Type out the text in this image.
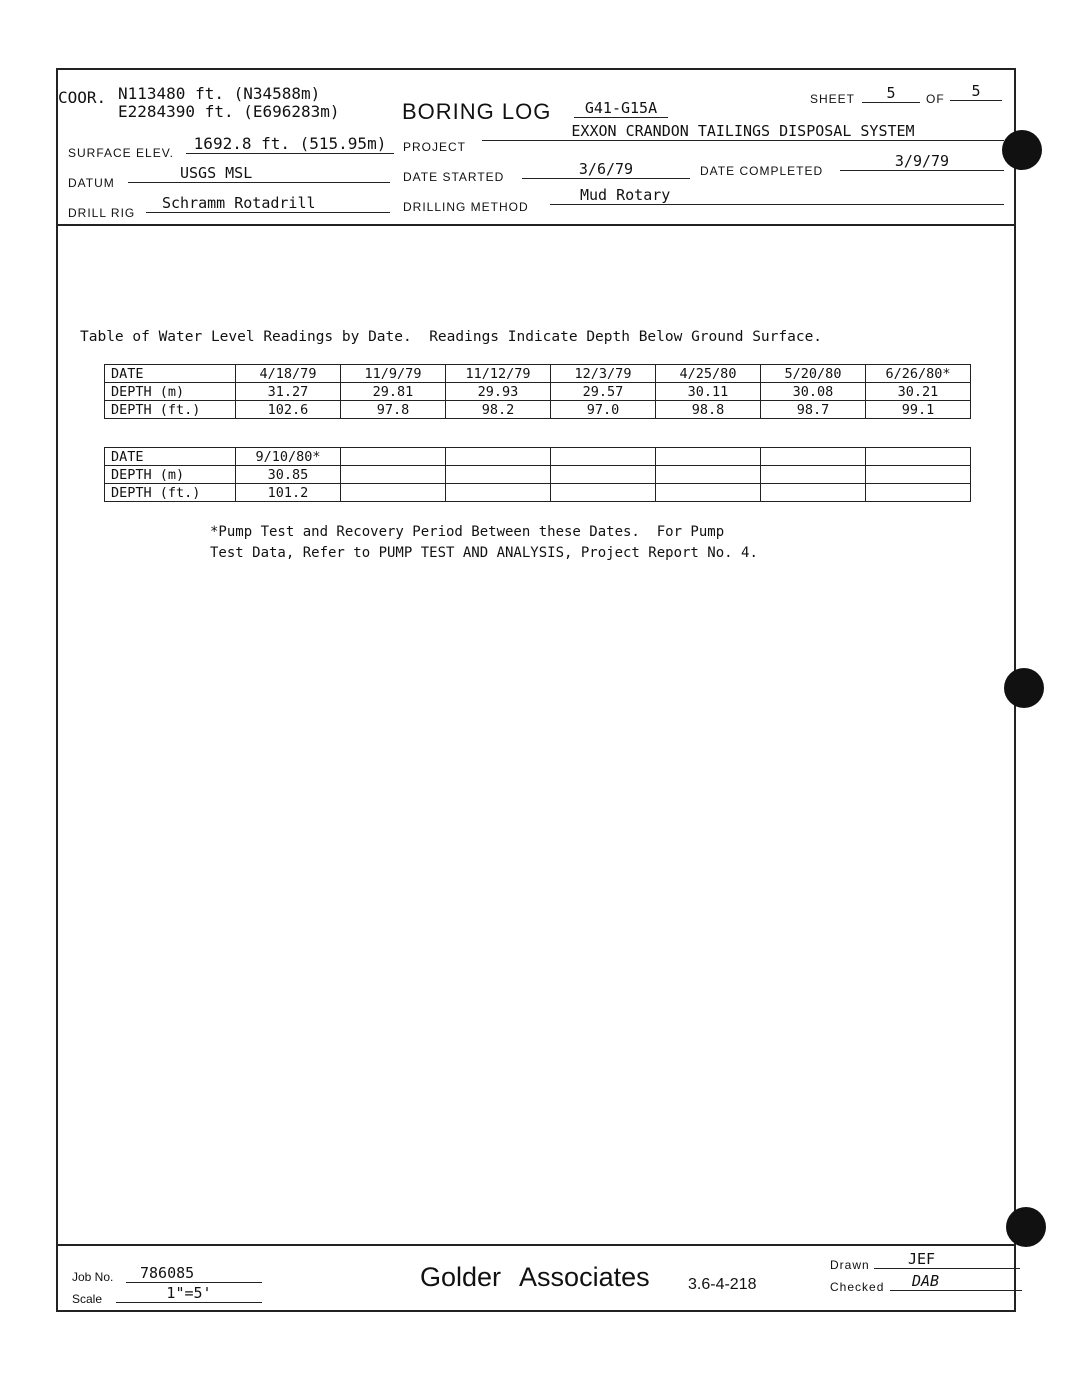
COOR. N113480 ft. (N34588m)
E2284390 ft. (E696283m)	BORING LOG	G41-G15A	SHEET	5	OF	5
SURFACE ELEV.	1692.8 ft. (515.95m)	PROJECT
EXXON CRANDON TAILINGS DISPOSAL SYSTEM
DATUM
USGS MSL	DATE STARTED	3/6/79	DATE COMPLETED
3/9/79
DRILL RIG
Schramm Rotadrill	DRILLING METHOD
Mud Rotary
Table of Water Level Readings by Date.  Readings Indicate Depth Below Ground Surface.
DATE	4/18/79	11/9/79	11/12/79	12/3/79	4/25/80	5/20/80	6/26/80*
DEPTH (m)	31.27	29.81	29.93	29.57	30.11	30.08	30.21
DEPTH (ft.)	102.6	97.8	98.2	97.0	98.8	98.7	99.1
DATE	9/10/80*						
DEPTH (m)	30.85						
DEPTH (ft.)	101.2						
*Pump Test and Recovery Period Between these Dates.  For Pump
Test Data, Refer to PUMP TEST AND ANALYSIS, Project Report No. 4.
Job No.	786085
Scale	1"=5'
Golder Associates 3.6-4-218
Drawn	JEF
Checked	DAB
